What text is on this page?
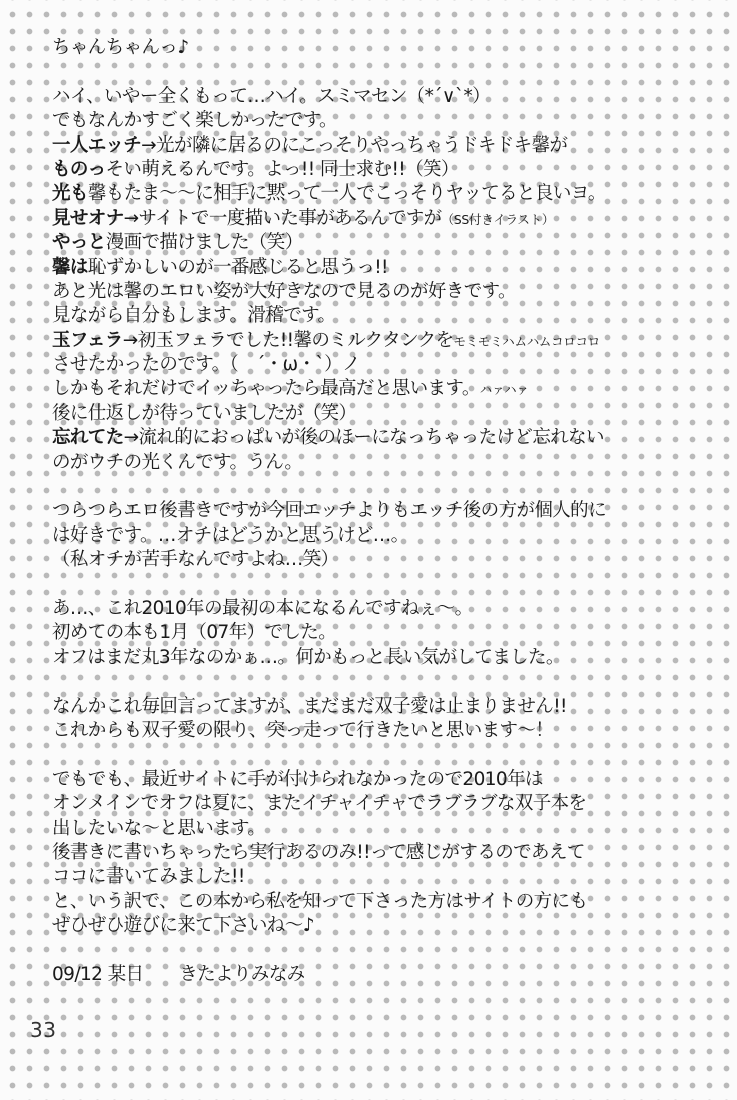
ちゃんちゃんっ♪
ハイ、いやー全くもって…ハイ。スミマセン（*´∨`*）
でもなんかすごく楽しかったです。
一人エッチ→光が隣に居るのにこっそりやっちゃうドキドキ馨が
ものっそい萌えるんです。よっ!! 同士求む!!（笑）
光も馨もたま〜〜に相手に黙って一人でこっそりヤッてると良いヨ。
見せオナ→サイトで一度描いた事があるんですが（SS付きイラスト）
やっと漫画で描けました（笑）
馨は恥ずかしいのが一番感じると思うっ!!
あと光は馨のエロい姿が大好きなので見るのが好きです。
見ながら自分もします。滑稽です。
玉フェラ→初玉フェラでした!!馨のミルクタンクをモミモミハムハムコロコロ
させたかったのです。（　´・ω・`）ノ
しかもそれだけでイッちゃったら最高だと思います。ハァハァ
後に仕返しが待っていましたが（笑）
忘れてた→流れ的におっぱいが後のほーになっちゃったけど忘れない
のがウチの光くんです。うん。
つらつらエロ後書きですが今回エッチよりもエッチ後の方が個人的に
は好きです。…オチはどうかと思うけど…。
（私オチが苦手なんですよね…笑）
あ…、これ2010年の最初の本になるんですねぇ〜。
初めての本も1月（07年）でした。
オフはまだ丸3年なのかぁ…。何かもっと長い気がしてました。
なんかこれ毎回言ってますが、まだまだ双子愛は止まりません!!
これからも双子愛の限り、突っ走って行きたいと思います〜！
でもでも、最近サイトに手が付けられなかったので2010年は
オンメインでオフは夏に、またイチャイチャでラブラブな双子本を
出したいな〜と思います。
後書きに書いちゃったら実行あるのみ!!って感じがするのであえて
ココに書いてみました!!
と、いう訳で、この本から私を知って下さった方はサイトの方にも
ぜひぜひ遊びに来て下さいね〜♪
09/12 某日　　きたよりみなみ
33
